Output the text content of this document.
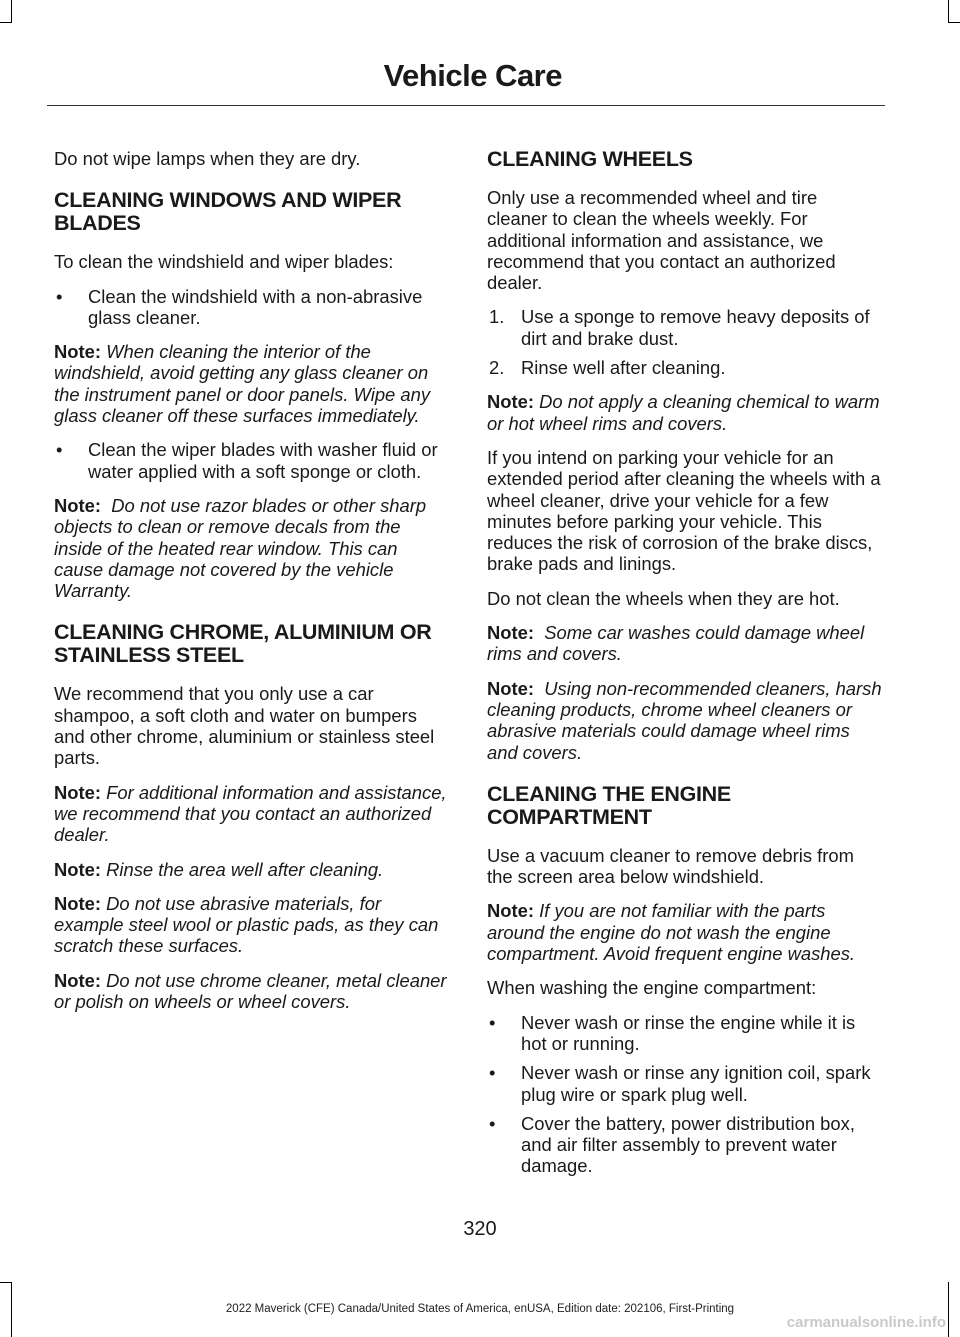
Vehicle Care

Do not wipe lamps when they are dry.

CLEANING WINDOWS AND WIPER BLADES

To clean the windshield and wiper blades:

• Clean the windshield with a non-abrasive glass cleaner.

Note: When cleaning the interior of the windshield, avoid getting any glass cleaner on the instrument panel or door panels. Wipe any glass cleaner off these surfaces immediately.

• Clean the wiper blades with washer fluid or water applied with a soft sponge or cloth.

Note: Do not use razor blades or other sharp objects to clean or remove decals from the inside of the heated rear window. This can cause damage not covered by the vehicle Warranty.

CLEANING CHROME, ALUMINIUM OR STAINLESS STEEL

We recommend that you only use a car shampoo, a soft cloth and water on bumpers and other chrome, aluminium or stainless steel parts.

Note: For additional information and assistance, we recommend that you contact an authorized dealer.

Note: Rinse the area well after cleaning.

Note: Do not use abrasive materials, for example steel wool or plastic pads, as they can scratch these surfaces.

Note: Do not use chrome cleaner, metal cleaner or polish on wheels or wheel covers.

CLEANING WHEELS

Only use a recommended wheel and tire cleaner to clean the wheels weekly. For additional information and assistance, we recommend that you contact an authorized dealer.

1. Use a sponge to remove heavy deposits of dirt and brake dust.
2. Rinse well after cleaning.

Note: Do not apply a cleaning chemical to warm or hot wheel rims and covers.

If you intend on parking your vehicle for an extended period after cleaning the wheels with a wheel cleaner, drive your vehicle for a few minutes before parking your vehicle. This reduces the risk of corrosion of the brake discs, brake pads and linings.

Do not clean the wheels when they are hot.

Note: Some car washes could damage wheel rims and covers.

Note: Using non-recommended cleaners, harsh cleaning products, chrome wheel cleaners or abrasive materials could damage wheel rims and covers.

CLEANING THE ENGINE COMPARTMENT

Use a vacuum cleaner to remove debris from the screen area below windshield.

Note: If you are not familiar with the parts around the engine do not wash the engine compartment. Avoid frequent engine washes.

When washing the engine compartment:

• Never wash or rinse the engine while it is hot or running.
• Never wash or rinse any ignition coil, spark plug wire or spark plug well.
• Cover the battery, power distribution box, and air filter assembly to prevent water damage.
320
2022 Maverick (CFE) Canada/United States of America, enUSA, Edition date: 202106, First-Printing
carmanualsonline.info
